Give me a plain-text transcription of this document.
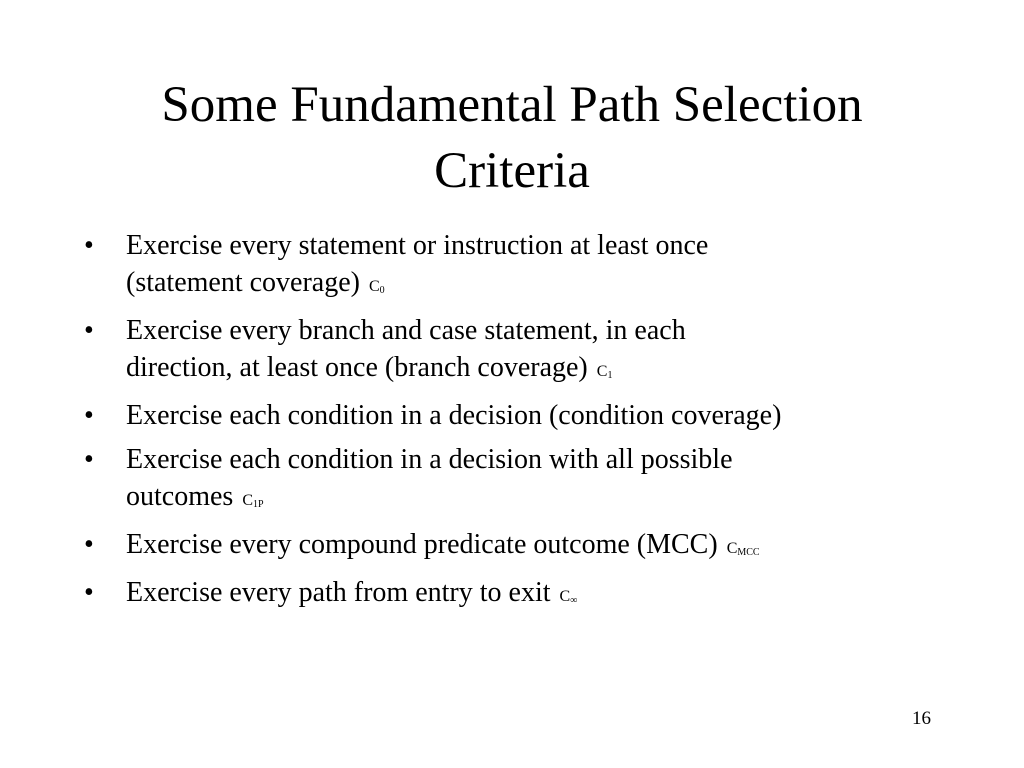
Some Fundamental Path Selection
Criteria
• Exercise every statement or instruction at least once
(statement coverage) $C_0$
• Exercise every branch and case statement, in each
direction, at least once (branch coverage) $C_1$
• Exercise each condition in a decision (condition coverage)
• Exercise each condition in a decision with all possible
outcomes $C_{1P}$
• Exercise every compound predicate outcome (MCC) $C_{MCC}$
• Exercise every path from entry to exit $C_\infty$
16
